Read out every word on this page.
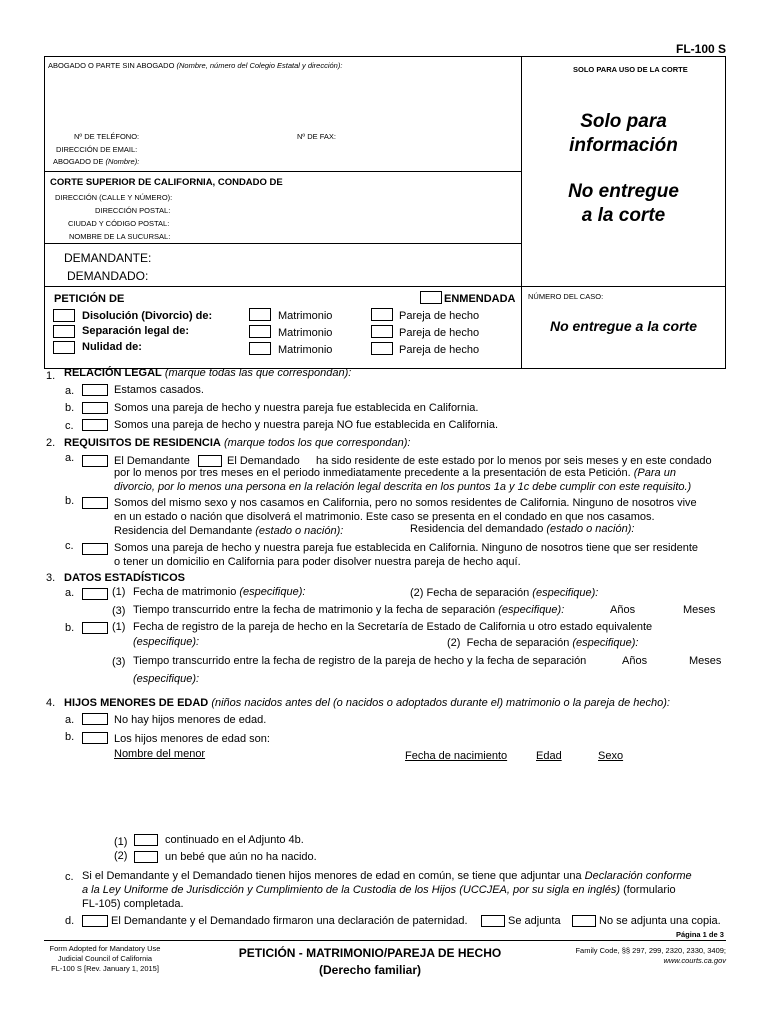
FL-100 S
ABOGADO O PARTE SIN ABOGADO (Nombre, número del Colegio Estatal y dirección):	SOLO PARA USO DE LA CORTE
Nº DE TELÉFONO:	Nº DE FAX:
DIRECCIÓN DE EMAIL:
ABOGADO DE (Nombre):
CORTE SUPERIOR DE CALIFORNIA, CONDADO DE
DIRECCIÓN (CALLE Y NÚMERO):
DIRECCIÓN POSTAL:
CIUDAD Y CÓDIGO POSTAL:
NOMBRE DE LA SUCURSAL:
DEMANDANTE:
DEMANDADO:
Solo para
información
No entregue
a la corte
NÚMERO DEL CASO:
No entregue a la corte
PETICIÓN DE	ENMENDADA
Disolución (Divorcio) de:	Matrimonio	Pareja de hecho
Separación legal de:	Matrimonio	Pareja de hecho
Nulidad de:	Matrimonio	Pareja de hecho
1. RELACIÓN LEGAL (marque todas las que correspondan):
a.	Estamos casados.
b.	Somos una pareja de hecho y nuestra pareja fue establecida en California.
c.	Somos una pareja de hecho y nuestra pareja NO fue establecida en California.
2. REQUISITOS DE RESIDENCIA (marque todos los que correspondan):
a.	El Demandante	El Demandado ha sido residente de este estado por lo menos por seis meses y en este condado
por lo menos por tres meses en el periodo inmediatamente precedente a la presentación de esta Petición. (Para un
divorcio, por lo menos una persona en la relación legal descrita en los puntos 1a y 1c debe cumplir con este requisito.)
b.	Somos del mismo sexo y nos casamos en California, pero no somos residentes de California. Ninguno de nosotros vive
en un estado o nación que disolverá el matrimonio. Este caso se presenta en el condado en que nos casamos.
Residencia del Demandante (estado o nación):	Residencia del demandado (estado o nación):
c.	Somos una pareja de hecho y nuestra pareja fue establecida en California. Ninguno de nosotros tiene que ser residente
o tener un domicilio en California para poder disolver nuestra pareja de hecho aquí.
3. DATOS ESTADÍSTICOS
a.	(1) Fecha de matrimonio (especifique):	(2) Fecha de separación (especifique):
(3) Tiempo transcurrido entre la fecha de matrimonio y la fecha de separación (especifique):	Años	Meses
b.	(1) Fecha de registro de la pareja de hecho en la Secretaría de Estado de California u otro estado equivalente
(especifique):	(2) Fecha de separación (especifique):
(3) Tiempo transcurrido entre la fecha de registro de la pareja de hecho y la fecha de separación	Años	Meses
(especifique):
4. HIJOS MENORES DE EDAD (niños nacidos antes del (o nacidos o adoptados durante el) matrimonio o la pareja de hecho):
a.	No hay hijos menores de edad.
b.	Los hijos menores de edad son:
Nombre del menor	Fecha de nacimiento	Edad	Sexo
(1)	continuado en el Adjunto 4b.
(2)	un bebé que aún no ha nacido.
c. Si el Demandante y el Demandado tienen hijos menores de edad en común, se tiene que adjuntar una Declaración conforme
a la Ley Uniforme de Jurisdicción y Cumplimiento de la Custodia de los Hijos (UCCJEA, por su sigla en inglés) (formulario
FL-105) completada.
d.	El Demandante y el Demandado firmaron una declaración de paternidad.	Se adjunta	No se adjunta una copia.
Página 1 de 3
Form Adopted for Mandatory Use
Judicial Council of California
FL-100 S [Rev. January 1, 2015]
PETICIÓN - MATRIMONIO/PAREJA DE HECHO
(Derecho familiar)
Family Code, §§ 297, 299, 2320, 2330, 3409;
www.courts.ca.gov
